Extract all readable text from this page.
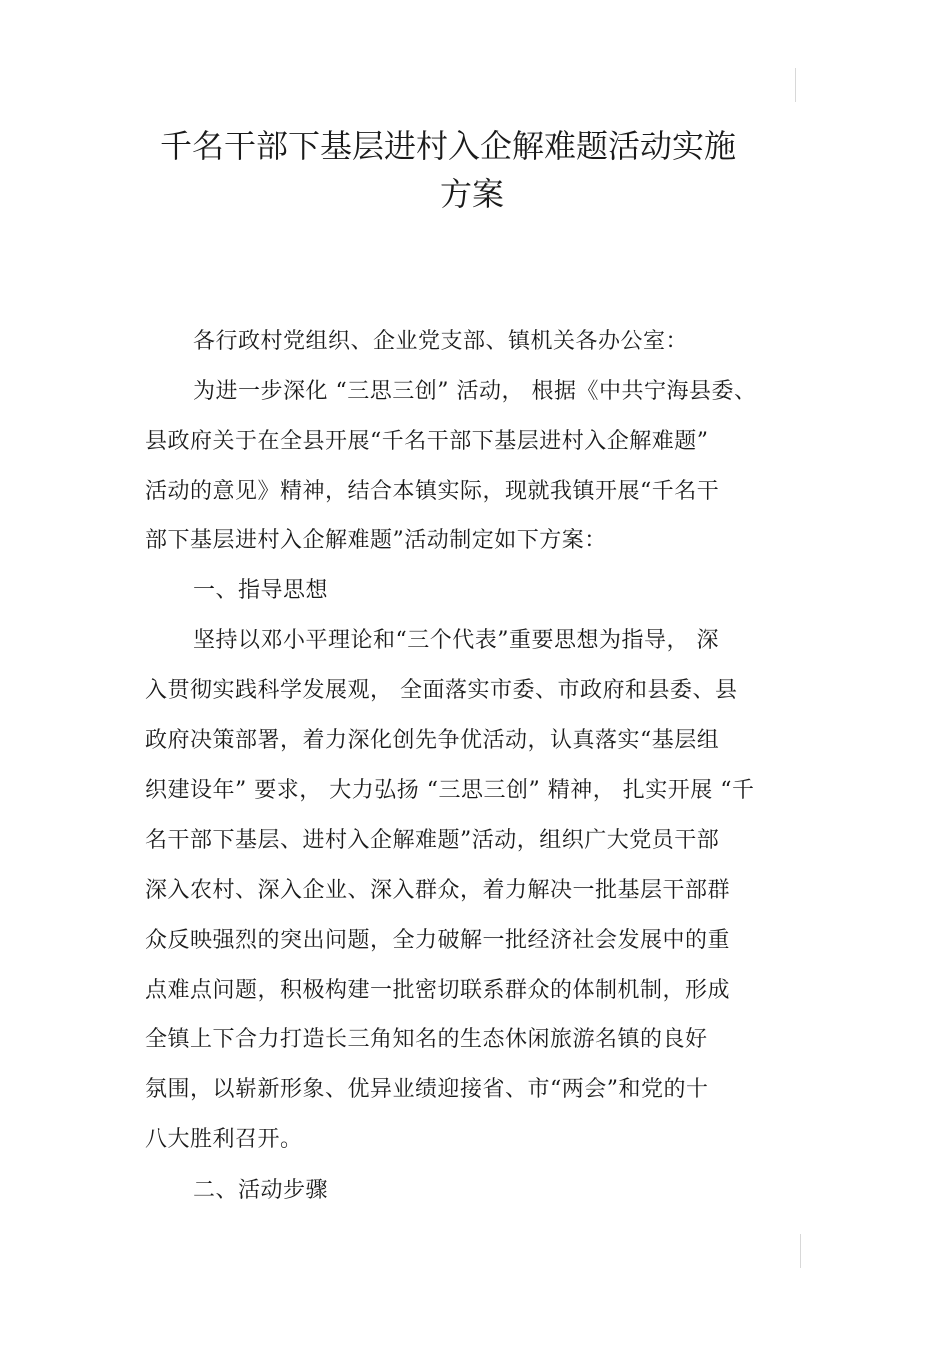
千名干部下基层进村入企解难题活动实施
方案
各行政村党组织、企业党支部、镇机关各办公室：
为进一步深化 “三思三创” 活动， 根据《中共宁海县委、
县政府关于在全县开展“千名干部下基层进村入企解难题”
活动的意见》精神，结合本镇实际，现就我镇开展“千名干
部下基层进村入企解难题”活动制定如下方案：
一、指导思想
坚持以邓小平理论和“三个代表”重要思想为指导， 深
入贯彻实践科学发展观， 全面落实市委、市政府和县委、县
政府决策部署，着力深化创先争优活动，认真落实“基层组
织建设年” 要求， 大力弘扬 “三思三创” 精神， 扎实开展 “千
名干部下基层、进村入企解难题”活动，组织广大党员干部
深入农村、深入企业、深入群众，着力解决一批基层干部群
众反映强烈的突出问题，全力破解一批经济社会发展中的重
点难点问题，积极构建一批密切联系群众的体制机制，形成
全镇上下合力打造长三角知名的生态休闲旅游名镇的良好
氛围，以崭新形象、优异业绩迎接省、市“两会”和党的十
八大胜利召开。
二、活动步骤
